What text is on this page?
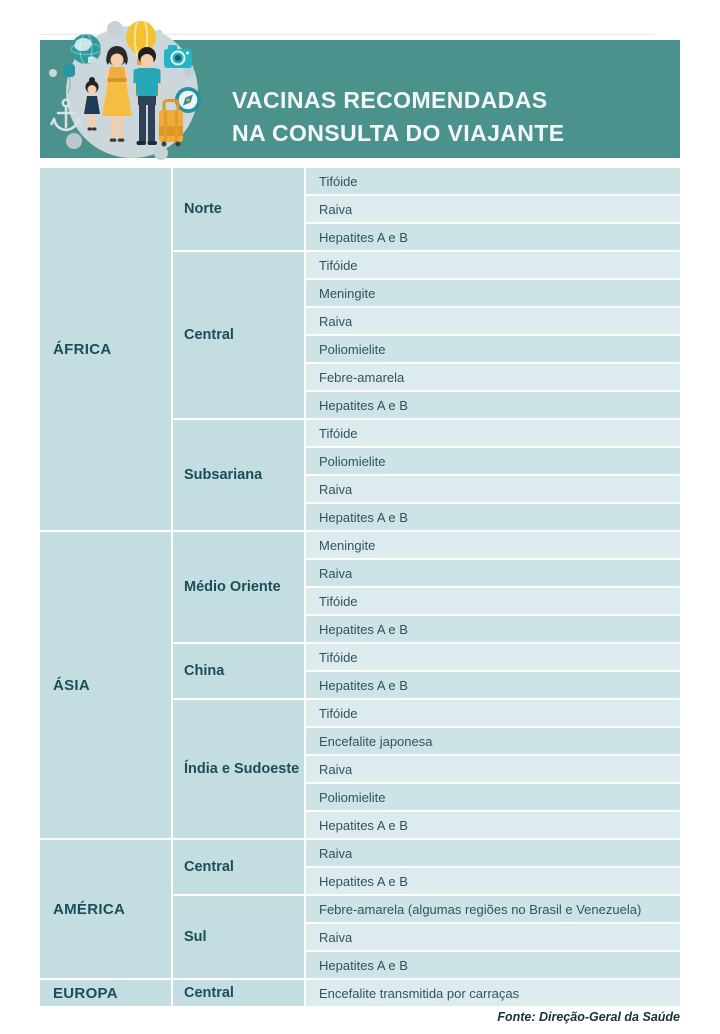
VACINAS RECOMENDADAS
NA CONSULTA DO VIAJANTE
ÁFRICA
Norte
Tifóide
Raiva
Hepatites A e B
Central
Tifóide
Meningite
Raiva
Poliomielite
Febre-amarela
Hepatites A e B
Subsariana
Tifóide
Poliomielite
Raiva
Hepatites A e B
ÁSIA
Médio Oriente
Meningite
Raiva
Tifóide
Hepatites A e B
China
Tifóide
Hepatites A e B
Índia e Sudoeste
Tifóide
Encefalite japonesa
Raiva
Poliomielite
Hepatites A e B
AMÉRICA
Central
Raiva
Hepatites A e B
Sul
Febre-amarela (algumas regiões no Brasil e Venezuela)
Raiva
Hepatites A e B
EUROPA	Central	Encefalite transmitida por carraças
Fonte: Direção-Geral da Saúde
